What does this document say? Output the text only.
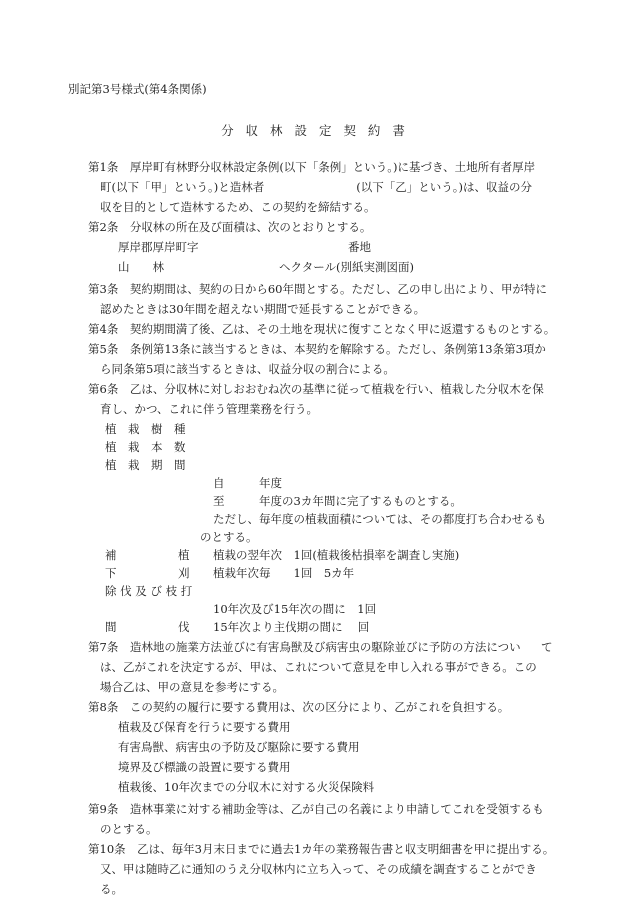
別記第3号様式(第4条関係)
分 収 林 設 定 契 約 書
第1条　厚岸町有林野分収林設定条例(以下「条例」という。)に基づき、土地所有者厚岸
町(以下「甲」という。)と造林者　　　　　　　　(以下「乙」という。)は、収益の分
収を目的として造林するため、この契約を締結する。
第2条　分収林の所在及び面積は、次のとおりとする。
厚岸郡厚岸町字　　　　　　　　　　　　　番地
山　　林　　　　　　　　　　ヘクタール(別紙実測図面)
第3条　契約期間は、契約の日から60年間とする。ただし、乙の申し出により、甲が特に
認めたときは30年間を超えない期間で延長することができる。
第4条　契約期間満了後、乙は、その土地を現状に復すことなく甲に返還するものとする。
第5条　条例第13条に該当するときは、本契約を解除する。ただし、条例第13条第3項か
ら同条第5項に該当するときは、収益分収の割合による。
第6条　乙は、分収林に対しおおむね次の基準に従って植栽を行い、植栽した分収木を保
育し、かつ、これに伴う管理業務を行う。
植　栽　樹　種
植　栽　本　数
植　栽　期　間
自　　　年度
至　　　年度の3カ年間に完了するものとする。
ただし、毎年度の植栽面積については、その都度打ち合わせるも
のとする。
補	植 植栽の翌年次　1回(植栽後枯損率を調査し実施)
下	刈 植栽年次毎　　1回　5カ年
除 伐 及 び 枝 打
10年次及び15年次の間に　1回
間	伐 15年次より主伐期の間に　 回
第7条　造林地の施業方法並びに有害鳥獣及び病害虫の駆除並びに予防の方法につい て
は、乙がこれを決定するが、甲は、これについて意見を申し入れる事ができる。この
場合乙は、甲の意見を参考にする。
第8条　この契約の履行に要する費用は、次の区分により、乙がこれを負担する。
植栽及び保育を行うに要する費用
有害鳥獣、病害虫の予防及び駆除に要する費用
境界及び標識の設置に要する費用
植栽後、10年次までの分収木に対する火災保険料
第9条　造林事業に対する補助金等は、乙が自己の名義により申請してこれを受領するも
のとする。
第10条　乙は、毎年3月末日までに過去1カ年の業務報告書と収支明細書を甲に提出する。
又、甲は随時乙に通知のうえ分収林内に立ち入って、その成績を調査することができ
る。
